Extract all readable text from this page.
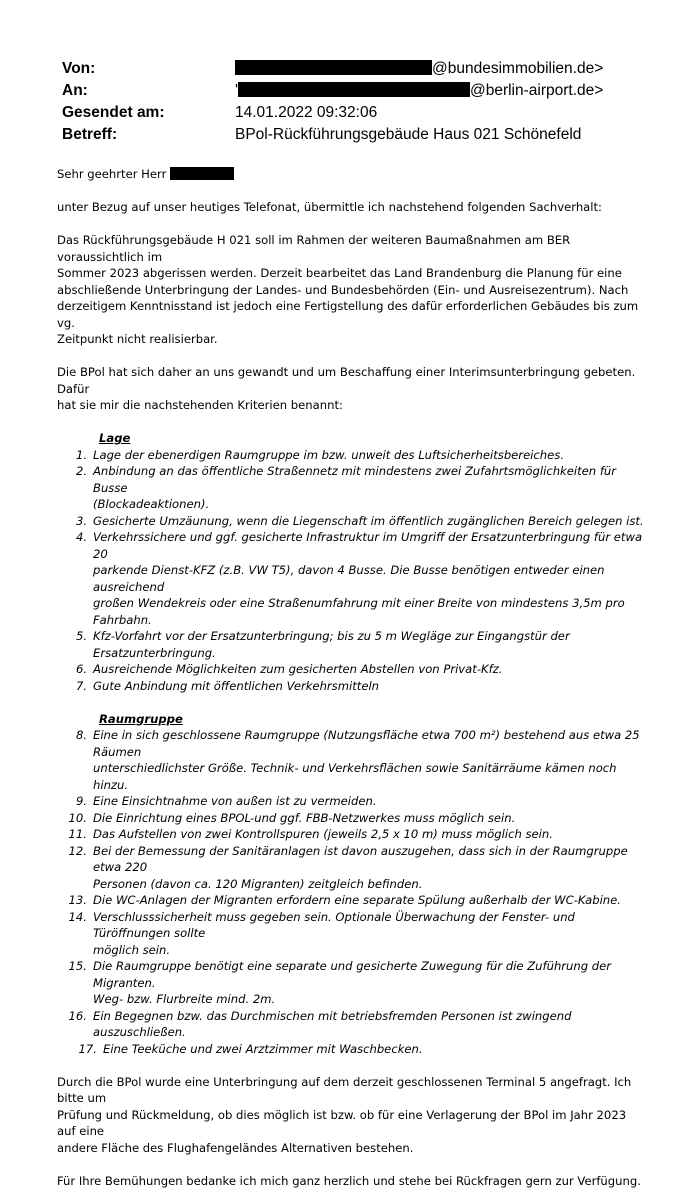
Von:	@bundesimmobilien.de>
An:	'	@berlin-airport.de>
Gesendet am:	14.01.2022 09:32:06
Betreff:	BPol-Rückführungsgebäude Haus 021 Schönefeld

Sehr geehrter Herr

unter Bezug auf unser heutiges Telefonat, übermittle ich nachstehend folgenden Sachverhalt:

Das Rückführungsgebäude H 021 soll im Rahmen der weiteren Baumaßnahmen am BER voraussichtlich im

Sommer 2023 abgerissen werden. Derzeit bearbeitet das Land Brandenburg die Planung für eine

abschließende Unterbringung der Landes- und Bundesbehörden (Ein- und Ausreisezentrum). Nach

derzeitigem Kenntnisstand ist jedoch eine Fertigstellung des dafür erforderlichen Gebäudes bis zum vg.

Zeitpunkt nicht realisierbar.

Die BPol hat sich daher an uns gewandt und um Beschaffung einer Interimsunterbringung gebeten. Dafür

hat sie mir die nachstehenden Kriterien benannt:

Lage
1. Lage der ebenerdigen Raumgruppe im bzw. unweit des Luftsicherheitsbereiches.
2. Anbindung an das öffentliche Straßennetz mit mindestens zwei Zufahrtsmöglichkeiten für Busse
(Blockadeaktionen).
3. Gesicherte Umzäunung, wenn die Liegenschaft im öffentlich zugänglichen Bereich gelegen ist.
4. Verkehrssichere und ggf. gesicherte Infrastruktur im Umgriff der Ersatzunterbringung für etwa 20
parkende Dienst-KFZ (z.B. VW T5), davon 4 Busse. Die Busse benötigen entweder einen ausreichend
großen Wendekreis oder eine Straßenumfahrung mit einer Breite von mindestens 3,5m pro Fahrbahn.
5. Kfz-Vorfahrt vor der Ersatzunterbringung; bis zu 5 m Wegläge zur Eingangstür der
Ersatzunterbringung.
6. Ausreichende Möglichkeiten zum gesicherten Abstellen von Privat-Kfz.
7. Gute Anbindung mit öffentlichen Verkehrsmitteln
Raumgruppe
8. Eine in sich geschlossene Raumgruppe (Nutzungsfläche etwa 700 m²) bestehend aus etwa 25 Räumen
unterschiedlichster Größe. Technik- und Verkehrsflächen sowie Sanitärräume kämen noch hinzu.
9. Eine Einsichtnahme von außen ist zu vermeiden.
10. Die Einrichtung eines BPOL-und ggf. FBB-Netzwerkes muss möglich sein.
11. Das Aufstellen von zwei Kontrollspuren (jeweils 2,5 x 10 m) muss möglich sein.
12. Bei der Bemessung der Sanitäranlagen ist davon auszugehen, dass sich in der Raumgruppe etwa 220
Personen (davon ca. 120 Migranten) zeitgleich befinden.
13. Die WC-Anlagen der Migranten erfordern eine separate Spülung außerhalb der WC-Kabine.
14. Verschlusssicherheit muss gegeben sein. Optionale Überwachung der Fenster- und Türöffnungen sollte
möglich sein.
15. Die Raumgruppe benötigt eine separate und gesicherte Zuwegung für die Zuführung der Migranten.
Weg- bzw. Flurbreite mind. 2m.
16. Ein Begegnen bzw. das Durchmischen mit betriebsfremden Personen ist zwingend auszuschließen.
17. Eine Teeküche und zwei Arztzimmer mit Waschbecken.

Durch die BPol wurde eine Unterbringung auf dem derzeit geschlossenen Terminal 5 angefragt. Ich bitte um

Prüfung und Rückmeldung, ob dies möglich ist bzw. ob für eine Verlagerung der BPol im Jahr 2023 auf eine

andere Fläche des Flughafengeländes Alternativen bestehen.

Für Ihre Bemühungen bedanke ich mich ganz herzlich und stehe bei Rückfragen gern zur Verfügung.
